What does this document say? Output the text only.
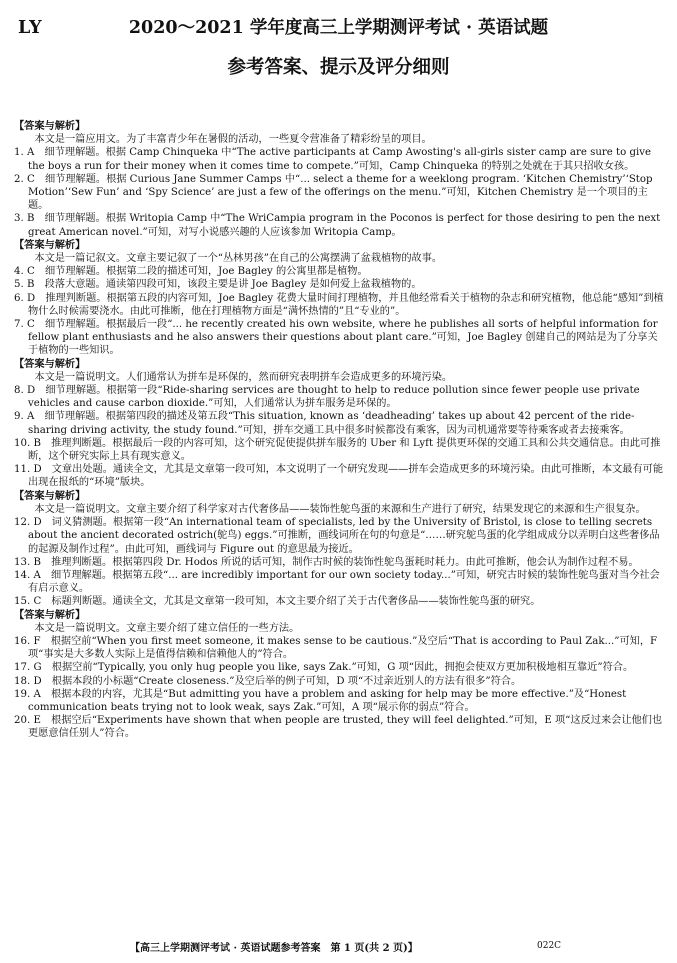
LY	2020～2021 学年度高三上学期测评考试 · 英语试题
参考答案、提示及评分细则

【答案与解析】

本文是一篇应用文。为了丰富青少年在暑假的活动，一些夏令营准备了精彩纷呈的项目。

1. A　细节理解题。根据 Camp Chinqueka 中“The active participants at Camp Awosting's all-girls sister camp are sure to give the boys a run for their money when it comes time to compete.”可知，Camp Chinqueka 的特别之处就在于其只招收女孩。

2. C　细节理解题。根据 Curious Jane Summer Camps 中“... select a theme for a weeklong program. ‘Kitchen Chemistry’‘Stop Motion’‘Sew Fun’ and ‘Spy Science’ are just a few of the offerings on the menu.”可知，Kitchen Chemistry 是一个项目的主题。

3. B　细节理解题。根据 Writopia Camp 中“The WriCampia program in the Poconos is perfect for those desiring to pen the next great American novel.”可知，对写小说感兴趣的人应该参加 Writopia Camp。

【答案与解析】

本文是一篇记叙文。文章主要记叙了一个“丛林男孩”在自己的公寓摆满了盆栽植物的故事。

4. C　细节理解题。根据第二段的描述可知，Joe Bagley 的公寓里都是植物。

5. B　段落大意题。通读第四段可知，该段主要是讲 Joe Bagley 是如何爱上盆栽植物的。

6. D　推理判断题。根据第五段的内容可知，Joe Bagley 花费大量时间打理植物，并且他经常看关于植物的杂志和研究植物，他总能“感知”到植物什么时候需要浇水。由此可推断，他在打理植物方面是“满怀热情的”且“专业的”。

7. C　细节理解题。根据最后一段“... he recently created his own website, where he publishes all sorts of helpful information for fellow plant enthusiasts and he also answers their questions about plant care.”可知，Joe Bagley 创建自己的网站是为了分享关于植物的一些知识。

【答案与解析】

本文是一篇说明文。人们通常认为拼车是环保的，然而研究表明拼车会造成更多的环境污染。

8. D　细节理解题。根据第一段“Ride-sharing services are thought to help to reduce pollution since fewer people use private vehicles and cause carbon dioxide.”可知，人们通常认为拼车服务是环保的。

9. A　细节理解题。根据第四段的描述及第五段“This situation, known as ‘deadheading’ takes up about 42 percent of the ride-sharing driving activity, the study found.”可知，拼车交通工具中很多时候都没有乘客，因为司机通常要等待乘客或者去接乘客。

10. B　推理判断题。根据最后一段的内容可知，这个研究促使提供拼车服务的 Uber 和 Lyft 提供更环保的交通工具和公共交通信息。由此可推断，这个研究实际上具有现实意义。

11. D　文章出处题。通读全文，尤其是文章第一段可知，本文说明了一个研究发现——拼车会造成更多的环境污染。由此可推断，本文最有可能出现在报纸的“环境”版块。

【答案与解析】

本文是一篇说明文。文章主要介绍了科学家对古代奢侈品——装饰性鸵鸟蛋的来源和生产进行了研究，结果发现它的来源和生产很复杂。

12. D　词义猜测题。根据第一段“An international team of specialists, led by the University of Bristol, is close to telling secrets about the ancient decorated ostrich(鸵鸟) eggs.”可推断，画线词所在句的句意是“……研究鸵鸟蛋的化学组成成分以弄明白这些奢侈品的起源及制作过程”。由此可知，画线词与 Figure out 的意思最为接近。

13. B　推理判断题。根据第四段 Dr. Hodos 所说的话可知，制作古时候的装饰性鸵鸟蛋耗时耗力。由此可推断，他会认为制作过程不易。

14. A　细节理解题。根据第五段“... are incredibly important for our own society today...”可知，研究古时候的装饰性鸵鸟蛋对当今社会有启示意义。

15. C　标题判断题。通读全文，尤其是文章第一段可知，本文主要介绍了关于古代奢侈品——装饰性鸵鸟蛋的研究。

【答案与解析】

本文是一篇说明文。文章主要介绍了建立信任的一些方法。

16. F　根据空前“When you first meet someone, it makes sense to be cautious.”及空后“That is according to Paul Zak...”可知，F 项“事实是大多数人实际上是值得信赖和信赖他人的”符合。

17. G　根据空前“Typically, you only hug people you like, says Zak.”可知，G 项“因此，拥抱会使双方更加积极地相互靠近”符合。

18. D　根据本段的小标题“Create closeness.”及空后举的例子可知，D 项“不过亲近别人的方法有很多”符合。

19. A　根据本段的内容，尤其是“But admitting you have a problem and asking for help may be more effective.”及“Honest communication beats trying not to look weak, says Zak.”可知，A 项“展示你的弱点”符合。

20. E　根据空后“Experiments have shown that when people are trusted, they will feel delighted.”可知，E 项“这反过来会让他们也更愿意信任别人”符合。

【高三上学期测评考试 · 英语试题参考答案　第 1 页(共 2 页)】	022C
